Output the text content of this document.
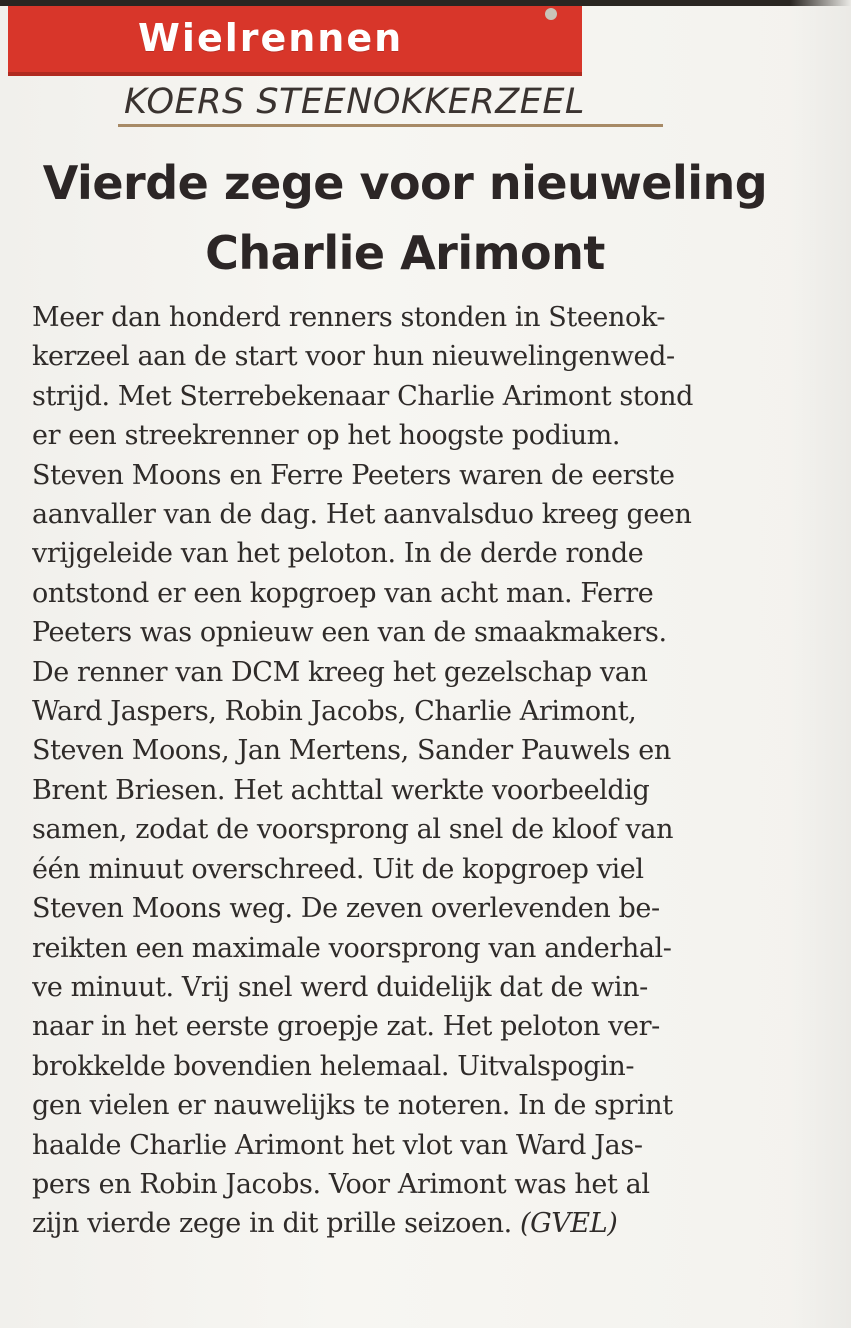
Wielrennen
KOERS STEENOKKERZEEL
Vierde zege voor nieuweling
Charlie Arimont
Meer dan honderd renners stonden in Steenok-
kerzeel aan de start voor hun nieuwelingenwed-
strijd. Met Sterrebekenaar Charlie Arimont stond
er een streekrenner op het hoogste podium.
Steven Moons en Ferre Peeters waren de eerste
aanvaller van de dag. Het aanvalsduo kreeg geen
vrijgeleide van het peloton. In de derde ronde
ontstond er een kopgroep van acht man. Ferre
Peeters was opnieuw een van de smaakmakers.
De renner van DCM kreeg het gezelschap van
Ward Jaspers, Robin Jacobs, Charlie Arimont,
Steven Moons, Jan Mertens, Sander Pauwels en
Brent Briesen. Het achttal werkte voorbeeldig
samen, zodat de voorsprong al snel de kloof van
één minuut overschreed. Uit de kopgroep viel
Steven Moons weg. De zeven overlevenden be-
reikten een maximale voorsprong van anderhal-
ve minuut. Vrij snel werd duidelijk dat de win-
naar in het eerste groepje zat. Het peloton ver-
brokkelde bovendien helemaal. Uitvalspogin-
gen vielen er nauwelijks te noteren. In de sprint
haalde Charlie Arimont het vlot van Ward Jas-
pers en Robin Jacobs. Voor Arimont was het al
zijn vierde zege in dit prille seizoen. (GVEL)
